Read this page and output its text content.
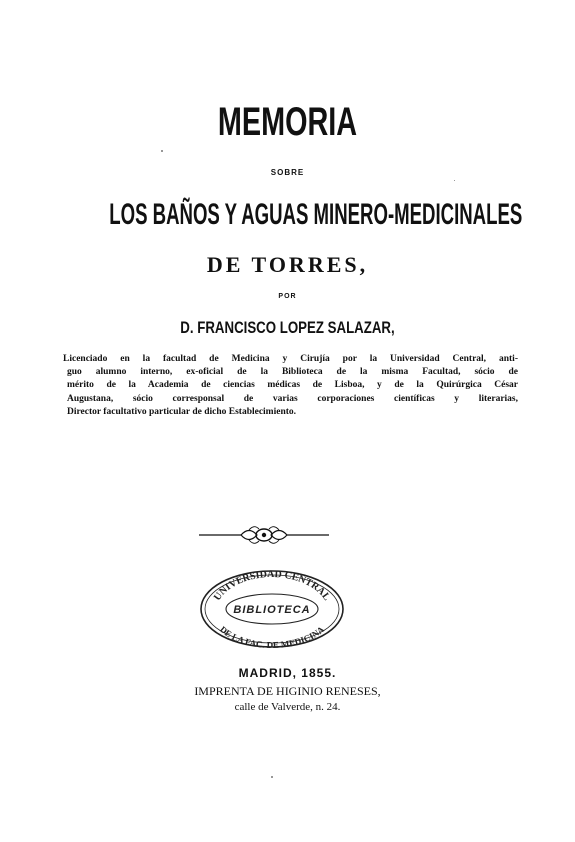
MEMORIA
SOBRE
LOS BAÑOS Y AGUAS MINERO-MEDICINALES
DE TORRES,
POR
D. FRANCISCO LOPEZ SALAZAR,
Licenciado en la facultad de Medicina y Cirujía por la Universidad Central, anti-
guo alumno interno, ex-oficial de la Biblioteca de la misma Facultad, sócio de
mérito de la Academia de ciencias médicas de Lisboa, y de la Quirúrgica César
Augustana, sócio corresponsal de varias corporaciones científicas y literarias,
Director facultativo particular de dicho Establecimiento.
UNIVERSIDAD CENTRAL
BIBLIOTECA
DE LA FAC. DE MEDICINA
MADRID, 1855.
IMPRENTA DE HIGINIO RENESES,
calle de Valverde, n. 24.
